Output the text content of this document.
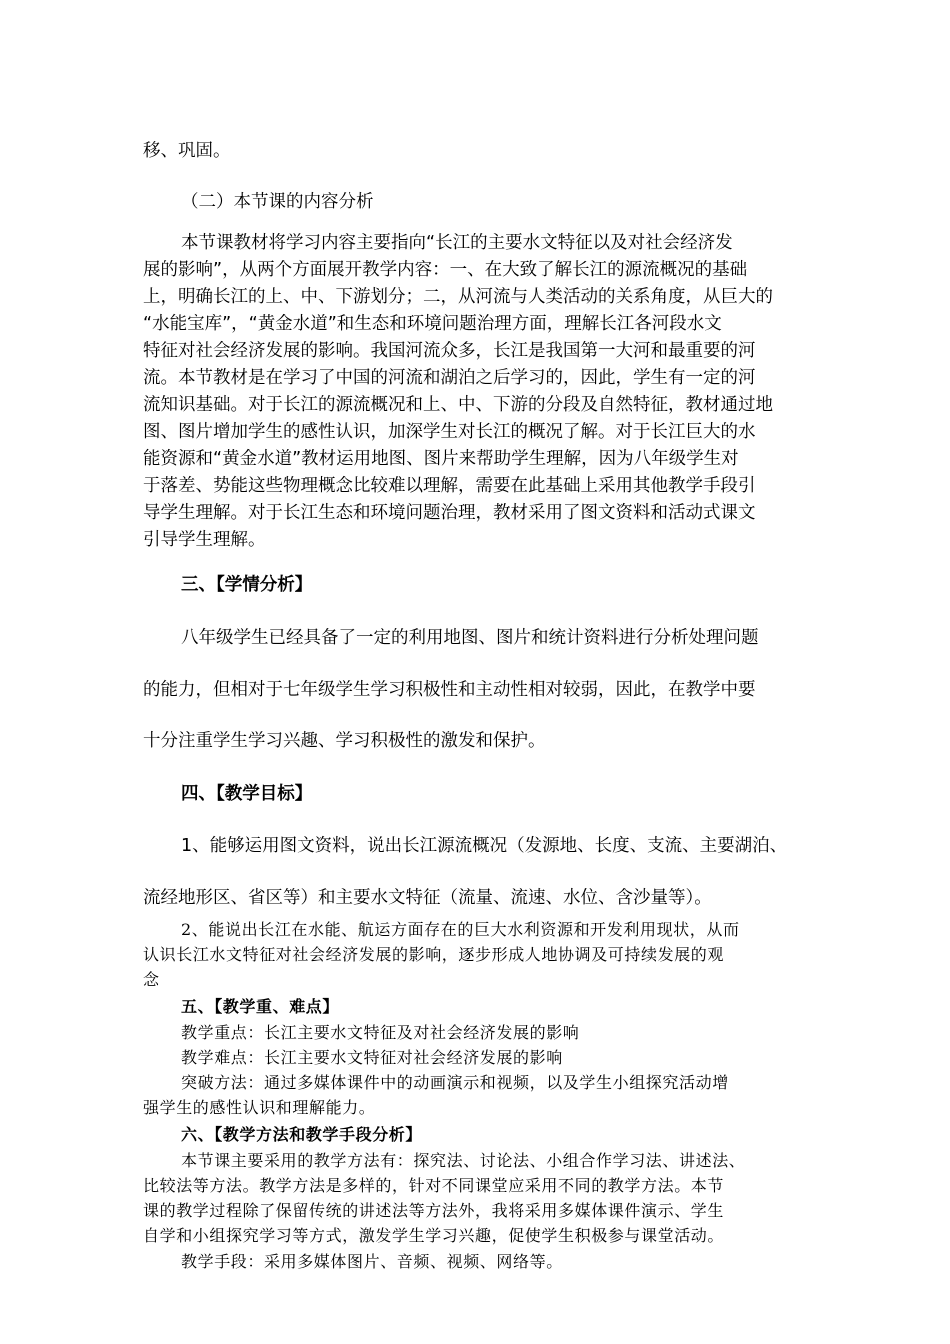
移、巩固。
（二）本节课的内容分析
本节课教材将学习内容主要指向“长江的主要水文特征以及对社会经济发
展的影响”，从两个方面展开教学内容：一、在大致了解长江的源流概况的基础
上，明确长江的上、中、下游划分；二，从河流与人类活动的关系角度，从巨大的
“水能宝库”，“黄金水道”和生态和环境问题治理方面，理解长江各河段水文
特征对社会经济发展的影响。我国河流众多，长江是我国第一大河和最重要的河
流。本节教材是在学习了中国的河流和湖泊之后学习的，因此，学生有一定的河
流知识基础。对于长江的源流概况和上、中、下游的分段及自然特征，教材通过地
图、图片增加学生的感性认识，加深学生对长江的概况了解。对于长江巨大的水
能资源和“黄金水道”教材运用地图、图片来帮助学生理解，因为八年级学生对
于落差、势能这些物理概念比较难以理解，需要在此基础上采用其他教学手段引
导学生理解。对于长江生态和环境问题治理，教材采用了图文资料和活动式课文
引导学生理解。
三、【学情分析】
八年级学生已经具备了一定的利用地图、图片和统计资料进行分析处理问题
的能力，但相对于七年级学生学习积极性和主动性相对较弱，因此，在教学中要
十分注重学生学习兴趣、学习积极性的激发和保护。
四、【教学目标】
1、能够运用图文资料，说出长江源流概况（发源地、长度、支流、主要湖泊、
流经地形区、省区等）和主要水文特征（流量、流速、水位、含沙量等）。
2、能说出长江在水能、航运方面存在的巨大水利资源和开发利用现状，从而
认识长江水文特征对社会经济发展的影响，逐步形成人地协调及可持续发展的观
念
五、【教学重、难点】
教学重点：长江主要水文特征及对社会经济发展的影响
教学难点：长江主要水文特征对社会经济发展的影响
突破方法：通过多媒体课件中的动画演示和视频，以及学生小组探究活动增
强学生的感性认识和理解能力。
六、【教学方法和教学手段分析】
本节课主要采用的教学方法有：探究法、讨论法、小组合作学习法、讲述法、
比较法等方法。教学方法是多样的，针对不同课堂应采用不同的教学方法。本节
课的教学过程除了保留传统的讲述法等方法外，我将采用多媒体课件演示、学生
自学和小组探究学习等方式，激发学生学习兴趣，促使学生积极参与课堂活动。
教学手段：采用多媒体图片、音频、视频、网络等。
